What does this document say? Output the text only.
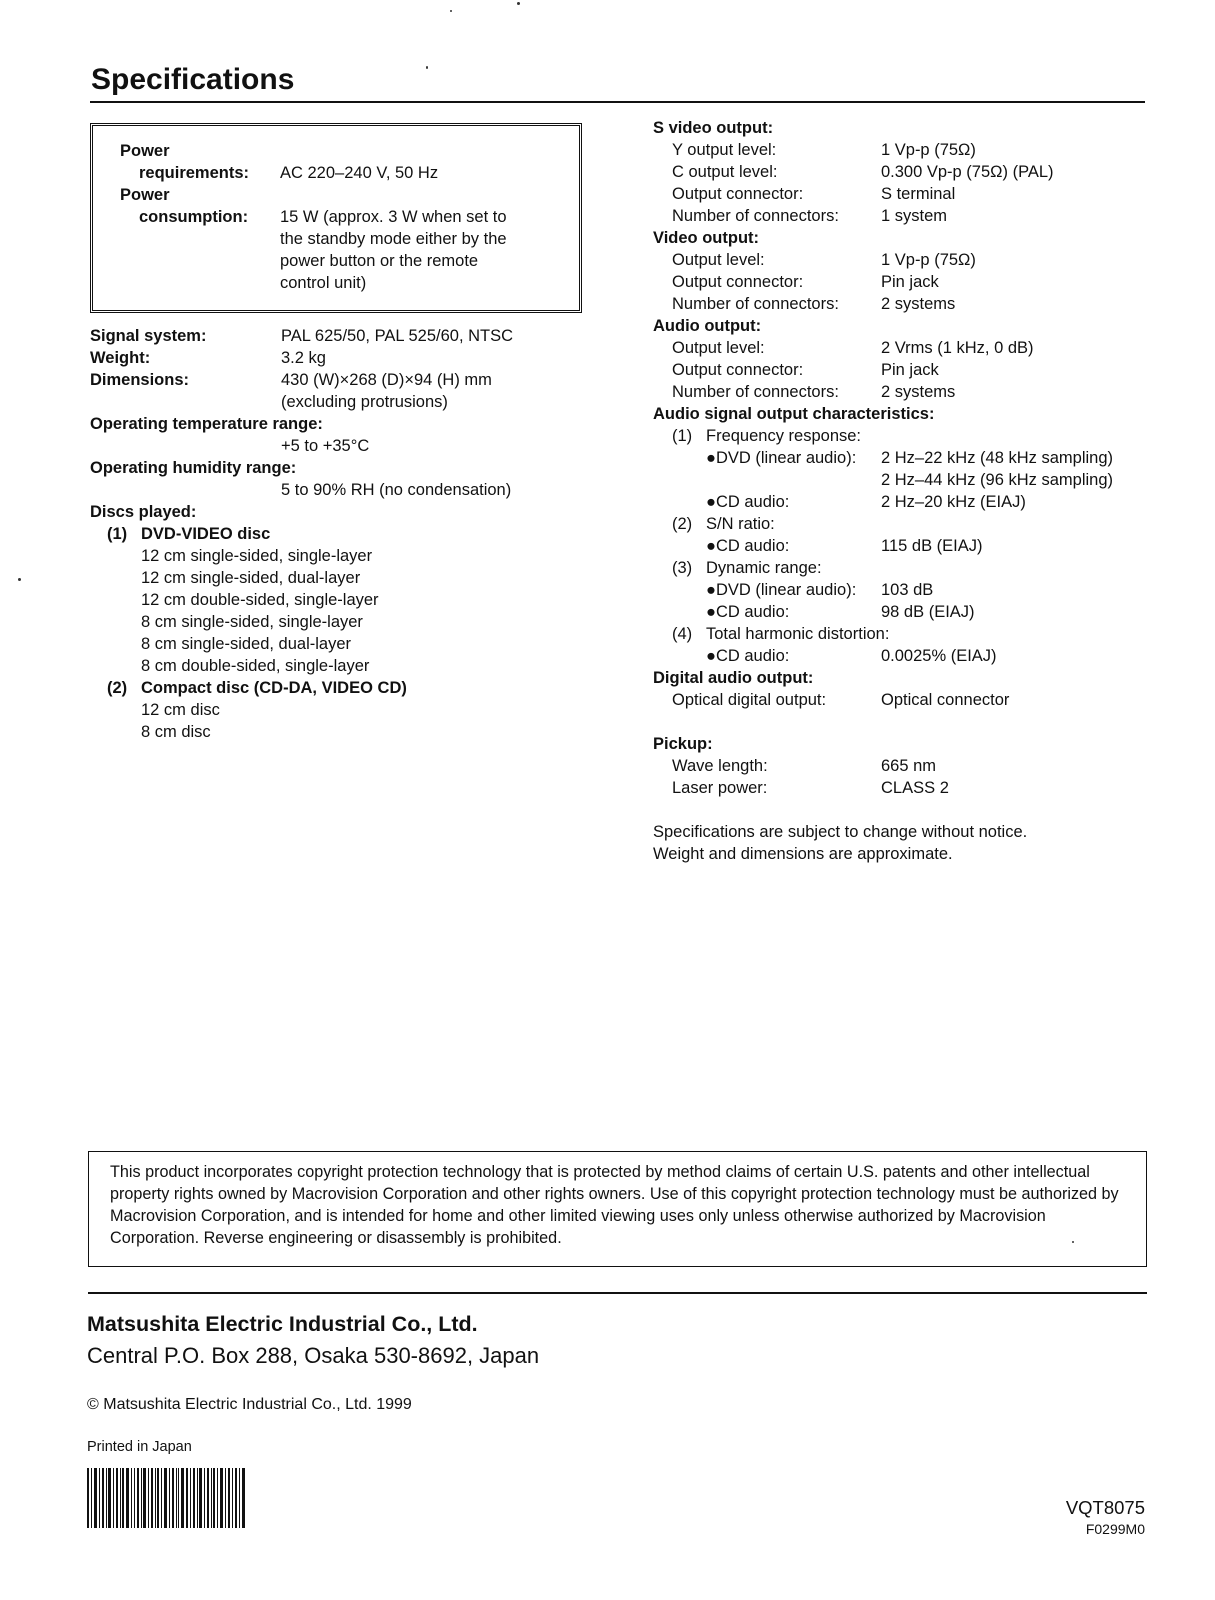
Specifications
Power
requirements: AC 220–240 V, 50 Hz
Power
consumption: 15 W (approx. 3 W when set to
the standby mode either by the
power button or the remote
control unit)
Signal system:	PAL 625/50, PAL 525/60, NTSC
Weight:	3.2 kg
Dimensions:	430 (W)×268 (D)×94 (H) mm
(excluding protrusions)
Operating temperature range:
+5 to +35°C
Operating humidity range:
5 to 90% RH (no condensation)
Discs played:
(1) DVD-VIDEO disc
12 cm single-sided, single-layer
12 cm single-sided, dual-layer
12 cm double-sided, single-layer
8 cm single-sided, single-layer
8 cm single-sided, dual-layer
8 cm double-sided, single-layer
(2) Compact disc (CD-DA, VIDEO CD)
12 cm disc
8 cm disc
S video output:
Y output level:	1 Vp-p (75Ω)
C output level:	0.300 Vp-p (75Ω) (PAL)
Output connector:	S terminal
Number of connectors:	1 system
Video output:
Output level:	1 Vp-p (75Ω)
Output connector:	Pin jack
Number of connectors:	2 systems
Audio output:
Output level:	2 Vrms (1 kHz, 0 dB)
Output connector:	Pin jack
Number of connectors:	2 systems
Audio signal output characteristics:
(1) Frequency response:
●DVD (linear audio): 2 Hz–22 kHz (48 kHz sampling)
2 Hz–44 kHz (96 kHz sampling)
●CD audio:	2 Hz–20 kHz (EIAJ)
(2) S/N ratio:
●CD audio:	115 dB (EIAJ)
(3) Dynamic range:
●DVD (linear audio): 103 dB
●CD audio:	98 dB (EIAJ)
(4) Total harmonic distortion:
●CD audio:	0.0025% (EIAJ)
Digital audio output:
Optical digital output:	Optical connector
Pickup:
Wave length:	665 nm
Laser power:	CLASS 2
Specifications are subject to change without notice.
Weight and dimensions are approximate.
This product incorporates copyright protection technology that is protected by method claims of certain U.S. patents and other intellectual property rights owned by Macrovision Corporation and other rights owners. Use of this copyright protection technology must be authorized by Macrovision Corporation, and is intended for home and other limited viewing uses only unless otherwise authorized by Macrovision Corporation. Reverse engineering or disassembly is prohibited.
Matsushita Electric Industrial Co., Ltd.
Central P.O. Box 288, Osaka 530-8692, Japan
© Matsushita Electric Industrial Co., Ltd. 1999
Printed in Japan
VQT8075
F0299M0
